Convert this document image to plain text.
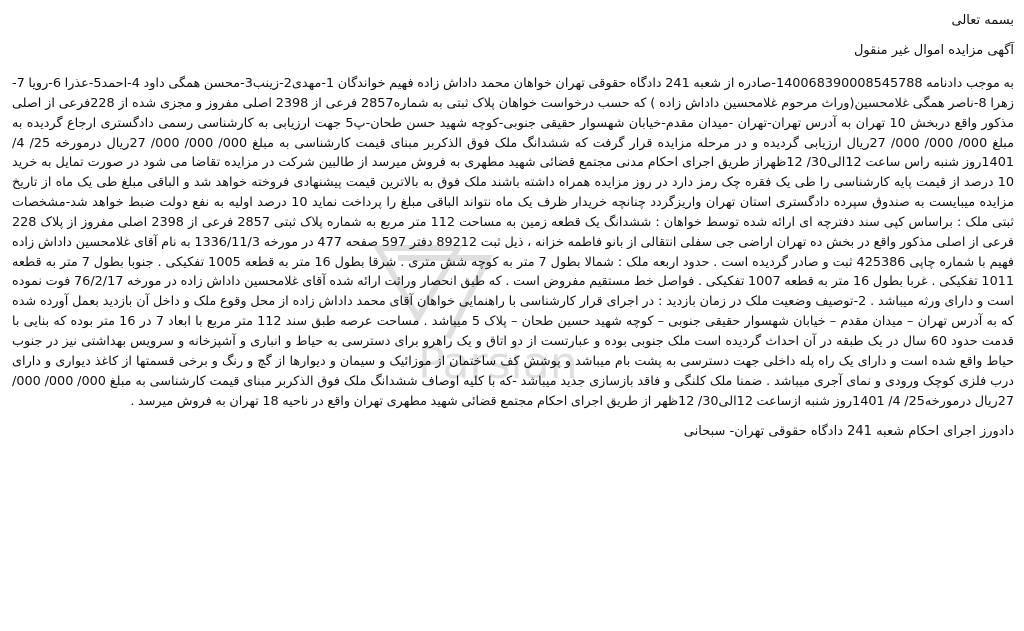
بسمه تعالی
آگهی مزایده اموال غیر منقول
به موجب دادنامه 140068390008545788-صادره از شعبه 241 دادگاه حقوقی تهران خواهان محمد داداش زاده فهیم خواندگان 1-مهدی2-زینب3-محسن همگی داود 4-احمد5-عذرا 6-رویا 7-زهرا 8-ناصر همگی غلامحسین(وراث مرحوم غلامحسین داداش زاده ) که حسب درخواست خواهان پلاک ثبتی به شماره2857 فرعی از 2398 اصلی مفروز و مجزی شده از 228فرعی از اصلی مذکور واقع دربخش 10 تهران به آدرس تهران-تهران -میدان مقدم-خیابان شهسوار حقیقی جنوبی-کوچه شهید حسن طحان-پ5 جهت ارزیابی به کارشناسی رسمی دادگستری ارجاع گردیده به مبلغ 000/ 000/ 000/ 27ریال ارزیابی گردیده و در مرحله مزایده قرار گرفت که ششدانگ ملک فوق الذکربر مبنای قیمت کارشناسی به مبلغ 000/ 000/ 000/ 27ریال درمورخه 25/ 4/ 1401روز شنبه راس ساعت 12الی30/ 12ظهراز طریق اجرای احکام مدنی مجتمع قضائی شهید مطهری به فروش میرسد از طالبین شرکت در مزایده تقاضا می شود در صورت تمایل به خرید 10 درصد از قیمت پایه کارشناسی را طی یک فقره چک رمز دارد در روز مزایده همراه داشته باشند ملک فوق به بالاترین قیمت پیشنهادی فروخته خواهد شد و الباقی مبلغ طی یک ماه از تاریخ مزایده میبایست به صندوق سپرده دادگستری استان تهران واریزگردد چنانچه خریدار ظرف یک ماه نتواند الباقی مبلغ را پرداخت نماید 10 درصد اولیه به نفع دولت ضبط خواهد شد-مشخصات ثبتی ملک : براساس کپی سند دفترچه ای ارائه شده توسط خواهان : ششدانگ یک قطعه زمین به مساحت 112 متر مربع به شماره پلاک ثبتی 2857 فرعی از 2398 اصلی مفروز از پلاک 228 فرعی از اصلی مذکور واقع در بخش ده تهران اراضی جی سفلی انتقالی از بانو فاطمه خزانه ، ذیل ثبت 89212 دفتر 597 صفحه 477 در مورخه 1336/11/3 به نام آقای غلامحسین داداش زاده فهیم با شماره چاپی 425386 ثبت و صادر گردیده است . حدود اربعه ملک : شمالا بطول 7 متر به کوچه شش متری . شرقا بطول 16 متر به قطعه 1005 تفکیکی . جنوبا بطول 7 متر به قطعه 1011 تفکیکی . غربا بطول 16 متر به قطعه 1007 تفکیکی . فواصل خط مستقیم مفروض است . که طبق انحصار وراثت ارائه شده آقای غلامحسین داداش زاده در مورخه 76/2/17 فوت نموده است و دارای ورثه میباشد . 2-توصیف وضعیت ملک در زمان بازدید : در اجرای قرار کارشناسی با راهنمایی خواهان آقای محمد داداش زاده از محل وقوع ملک و داخل آن بازدید بعمل آورده شده که به آدرس تهران – میدان مقدم – خیابان شهسوار حقیقی جنوبی – کوچه شهید حسین طحان – پلاک 5 میباشد . مساحت عرصه طبق سند 112 متر مربع با ابعاد 7 در 16 متر بوده که بنایی با قدمت حدود 60 سال در یک طبقه در آن احداث گردیده است ملک جنوبی بوده و عبارتست از دو اتاق و یک راهرو برای دسترسی به حیاط و انباری و آشپزخانه و سرویس بهداشتی نیز در جنوب حیاط واقع شده است و دارای یک راه پله داخلی جهت دسترسی به پشت بام میباشد و پوشش کف ساختمان از موزائیک و سیمان و دیوارها از گچ و رنگ و برخی قسمتها از کاغذ دیواری و دارای درب فلزی کوچک ورودی و نمای آجری میباشد . ضمنا ملک کلنگی و فاقد بازسازی جدید میباشد -که با کلیه اوصاف ششدانگ ملک فوق الذکربر مبنای قیمت کارشناسی به مبلغ 000/ 000/ 000/ 27ریال درمورخه25/ 4/ 1401روز شنبه ازساعت 12الی30/ 12ظهر از طریق اجرای احکام مجتمع قضائی شهید مطهری تهران واقع در ناحیه 18 تهران به فروش میرسد .
دادورز اجرای احکام شعبه 241 دادگاه حقوقی تهران- سبحانی
Parsian
